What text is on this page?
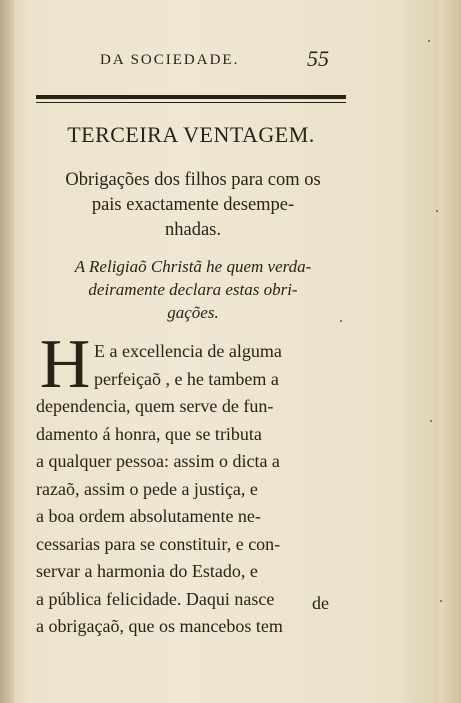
DA SOCIEDADE.	55
TERCEIRA VENTAGEM.
Obrigações dos filhos para com os
pais exactamente desempe-
nhadas.
A Religiaõ Christã he quem verda-
deiramente declara estas obri-
gações.
H E a excellencia de alguma
perfeiçaõ , e he tambem a
dependencia, quem serve de fun-
damento á honra, que se tributa
a qualquer pessoa: assim o dicta a
razaõ, assim o pede a justiça, e
a boa ordem absolutamente ne-
cessarias para se constituir, e con-
servar a harmonia do Estado, e
a pública felicidade. Daqui nasce
a obrigaçaõ, que os mancebos tem
de
